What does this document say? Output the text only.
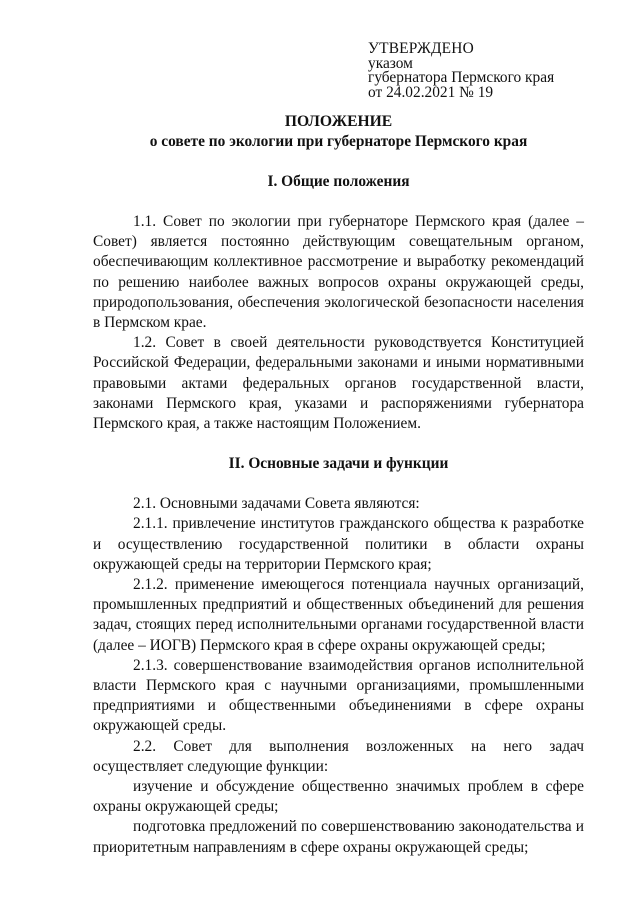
УТВЕРЖДЕНО
указом
губернатора Пермского края
от 24.02.2021 № 19
ПОЛОЖЕНИЕ
о совете по экологии при губернаторе Пермского края
I. Общие положения

1.1. Совет по экологии при губернаторе Пермского края (далее – Совет) является постоянно действующим совещательным органом, обеспечивающим коллективное рассмотрение и выработку рекомендаций по решению наиболее важных вопросов охраны окружающей среды, природопользования, обеспечения экологической безопасности населения в Пермском крае.

1.2. Совет в своей деятельности руководствуется Конституцией Российской Федерации, федеральными законами и иными нормативными правовыми актами федеральных органов государственной власти, законами Пермского края, указами и распоряжениями губернатора Пермского края, а также настоящим Положением.

II. Основные задачи и функции

2.1. Основными задачами Совета являются:

2.1.1. привлечение институтов гражданского общества к разработке и осуществлению государственной политики в области охраны окружающей среды на территории Пермского края;

2.1.2. применение имеющегося потенциала научных организаций, промышленных предприятий и общественных объединений для решения задач, стоящих перед исполнительными органами государственной власти (далее – ИОГВ) Пермского края в сфере охраны окружающей среды;

2.1.3. совершенствование взаимодействия органов исполнительной власти Пермского края с научными организациями, промышленными предприятиями и общественными объединениями в сфере охраны окружающей среды.

2.2. Совет для выполнения возложенных на него задач осуществляет следующие функции:

изучение и обсуждение общественно значимых проблем в сфере охраны окружающей среды;

подготовка предложений по совершенствованию законодательства и приоритетным направлениям в сфере охраны окружающей среды;
